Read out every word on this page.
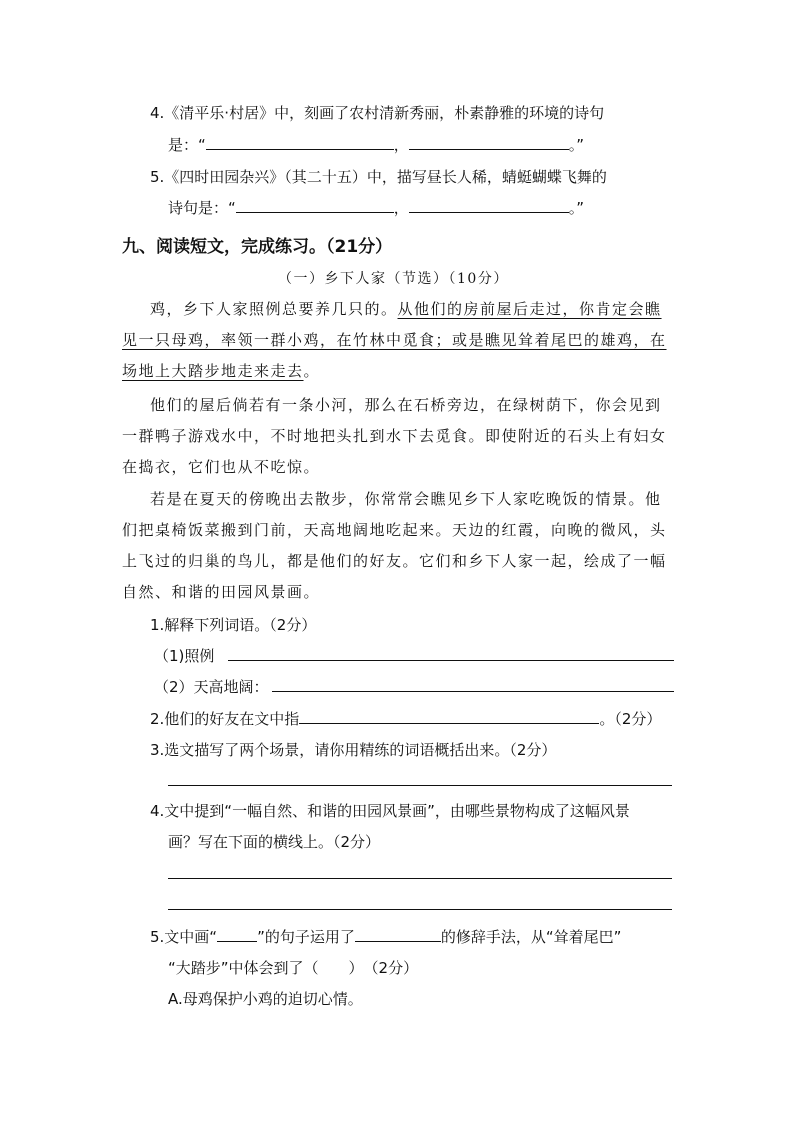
4.《清平乐·村居》中，刻画了农村清新秀丽，朴素静雅的环境的诗句
是：“	，	。”
5.《四时田园杂兴》（其二十五）中，描写昼长人稀，蜻蜓蝴蝶飞舞的
诗句是：“	，	。”
九、阅读短文，完成练习。（21分）
（一）乡下人家（节选）（10分）
鸡，乡下人家照例总要养几只的。从他们的房前屋后走过，你肯定会瞧
见一只母鸡，率领一群小鸡，在竹林中觅食；或是瞧见耸着尾巴的雄鸡，在
场地上大踏步地走来走去。
他们的屋后倘若有一条小河，那么在石桥旁边，在绿树荫下，你会见到
一群鸭子游戏水中，不时地把头扎到水下去觅食。即使附近的石头上有妇女
在捣衣，它们也从不吃惊。
若是在夏天的傍晚出去散步，你常常会瞧见乡下人家吃晚饭的情景。他
们把桌椅饭菜搬到门前，天高地阔地吃起来。天边的红霞，向晚的微风，头
上飞过的归巢的鸟儿，都是他们的好友。它们和乡下人家一起，绘成了一幅
自然、和谐的田园风景画。
1.解释下列词语。（2分）
（1)照例
（2）天高地阔：
2.他们的好友在文中指	。（2分）
3.选文描写了两个场景，请你用精练的词语概括出来。（2分）
4.文中提到“一幅自然、和谐的田园风景画”，由哪些景物构成了这幅风景
画？写在下面的横线上。（2分）
5.文中画“	”的句子运用了	的修辞手法，从“耸着尾巴”
“大踏步”中体会到了（　　）　（2分）
A.母鸡保护小鸡的迫切心情。
